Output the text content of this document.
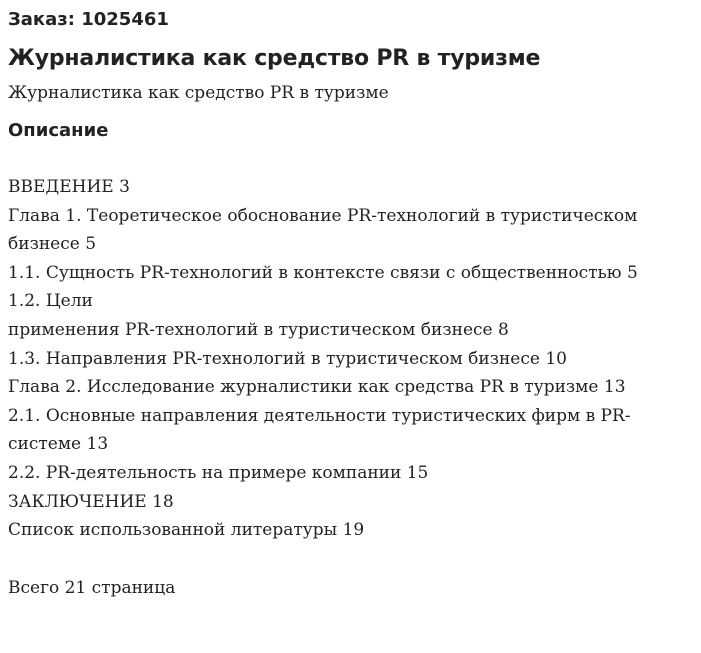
Заказ: 1025461
Журналистика как средство PR в туризме
Журналистика как средство PR в туризме
Описание
ВВЕДЕНИЕ 3
Глава 1. Теоретическое обоснование PR-технологий в туристическом
бизнесе 5
1.1. Сущность PR-технологий в контексте связи с общественностью 5
1.2. Цели
применения PR-технологий в туристическом бизнесе 8
1.3. Направления PR-технологий в туристическом бизнесе 10
Глава 2. Исследование журналистики как средства PR в туризме 13
2.1. Основные направления деятельности туристических фирм в PR-
системе 13
2.2. PR-деятельность на примере компании 15
ЗАКЛЮЧЕНИЕ 18
Список использованной литературы 19
Всего 21 страница
